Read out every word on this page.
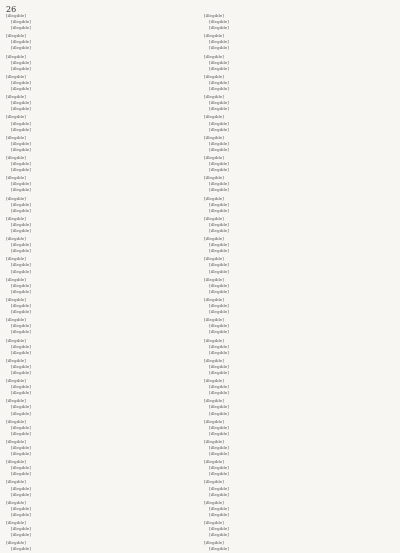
26
[illegible]
[illegible]
[illegible]
[illegible]
[illegible]
[illegible]
[illegible]
[illegible]
[illegible]
[illegible]
[illegible]
[illegible]
[illegible]
[illegible]
[illegible]
[illegible]
[illegible]
[illegible]
[illegible]
[illegible]
[illegible]
[illegible]
[illegible]
[illegible]
[illegible]
[illegible]
[illegible]
[illegible]
[illegible]
[illegible]
[illegible]
[illegible]
[illegible]
[illegible]
[illegible]
[illegible]
[illegible]
[illegible]
[illegible]
[illegible]
[illegible]
[illegible]
[illegible]
[illegible]
[illegible]
[illegible]
[illegible]
[illegible]
[illegible]
[illegible]
[illegible]
[illegible]
[illegible]
[illegible]
[illegible]
[illegible]
[illegible]
[illegible]
[illegible]
[illegible]
[illegible]
[illegible]
[illegible]
[illegible]
[illegible]
[illegible]
[illegible]
[illegible]
[illegible]
[illegible]
[illegible]
[illegible]
[illegible]
[illegible]
[illegible]
[illegible]
[illegible]
[illegible]
[illegible]
[illegible]
[illegible]
[illegible]
[illegible]
[illegible]
[illegible]
[illegible]
[illegible]
[illegible]
[illegible]
[illegible]
[illegible]
[illegible]
[illegible]
[illegible]
[illegible]
[illegible]
[illegible]
[illegible]
[illegible]
[illegible]
[illegible]
[illegible]
[illegible]
[illegible]
[illegible]
[illegible]
[illegible]
[illegible]
[illegible]
[illegible]
[illegible]
[illegible]
[illegible]
[illegible]
[illegible]
[illegible]
[illegible]
[illegible]
[illegible]
[illegible]
[illegible]
[illegible]
[illegible]
[illegible]
[illegible]
[illegible]
[illegible]
[illegible]
[illegible]
[illegible]
[illegible]
[illegible]
[illegible]
[illegible]
[illegible]
[illegible]
[illegible]
[illegible]
[illegible]
[illegible]
[illegible]
[illegible]
[illegible]
[illegible]
[illegible]
[illegible]
[illegible]
[illegible]
[illegible]
[illegible]
[illegible]
[illegible]
[illegible]
[illegible]
[illegible]
[illegible]
[illegible]
[illegible]
[illegible]
[illegible]
